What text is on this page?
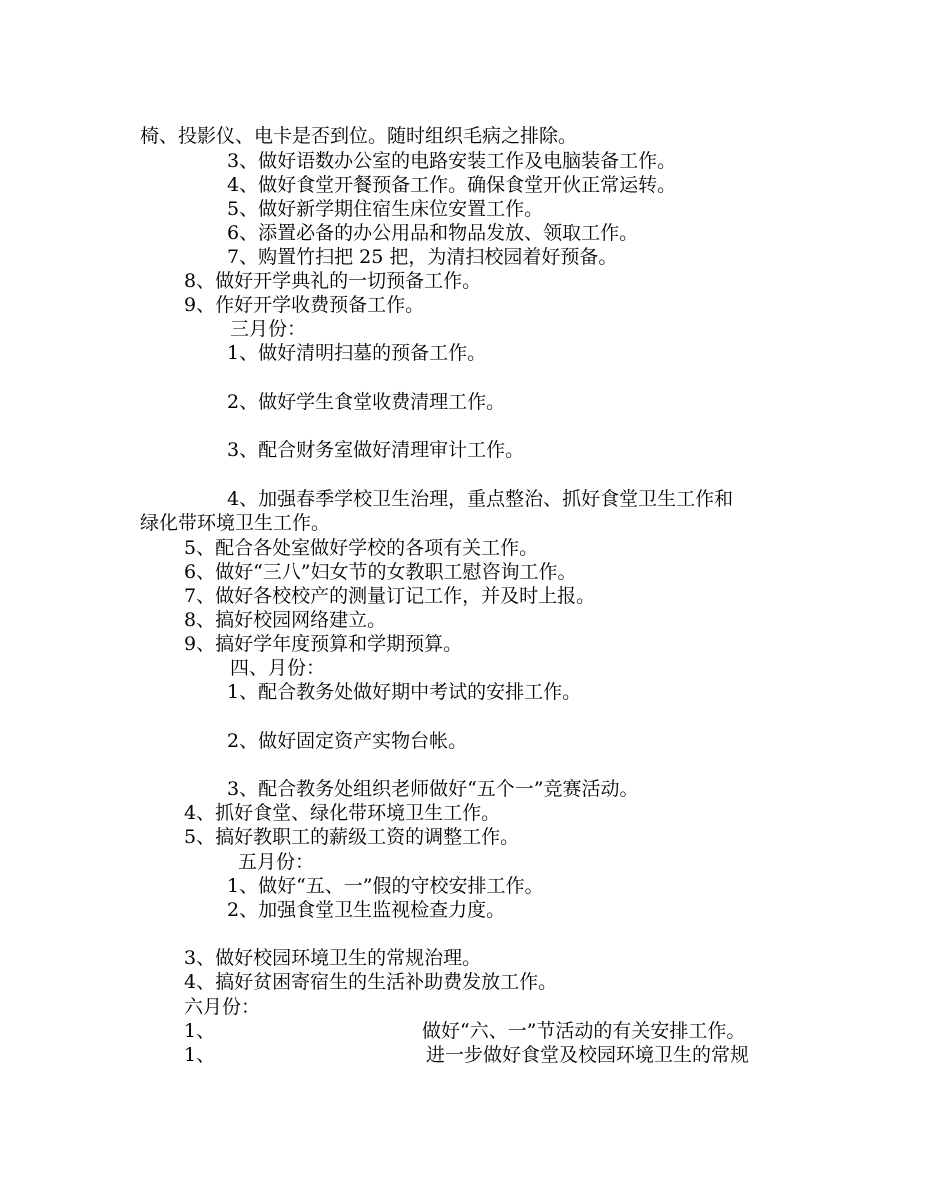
椅、投影仪、电卡是否到位。随时组织毛病之排除。
3、做好语数办公室的电路安装工作及电脑装备工作。
4、做好食堂开餐预备工作。确保食堂开伙正常运转。
5、做好新学期住宿生床位安置工作。
6、添置必备的办公用品和物品发放、领取工作。
7、购置竹扫把 25 把，为清扫校园着好预备。
8、做好开学典礼的一切预备工作。
9、作好开学收费预备工作。
三月份：
1、做好清明扫墓的预备工作。
2、做好学生食堂收费清理工作。
3、配合财务室做好清理审计工作。
4、加强春季学校卫生治理，重点整治、抓好食堂卫生工作和
绿化带环境卫生工作。
5、配合各处室做好学校的各项有关工作。
6、做好“三八”妇女节的女教职工慰咨询工作。
7、做好各校校产的测量订记工作，并及时上报。
8、搞好校园网络建立。
9、搞好学年度预算和学期预算。
四、月份：
1、配合教务处做好期中考试的安排工作。
2、做好固定资产实物台帐。
3、配合教务处组织老师做好“五个一”竞赛活动。
4、抓好食堂、绿化带环境卫生工作。
5、搞好教职工的薪级工资的调整工作。
五月份：
1、做好“五、一”假的守校安排工作。
2、加强食堂卫生监视检查力度。
3、做好校园环境卫生的常规治理。
4、搞好贫困寄宿生的生活补助费发放工作。
六月份：
1、	做好“六、一”节活动的有关安排工作。
1、	进一步做好食堂及校园环境卫生的常规
